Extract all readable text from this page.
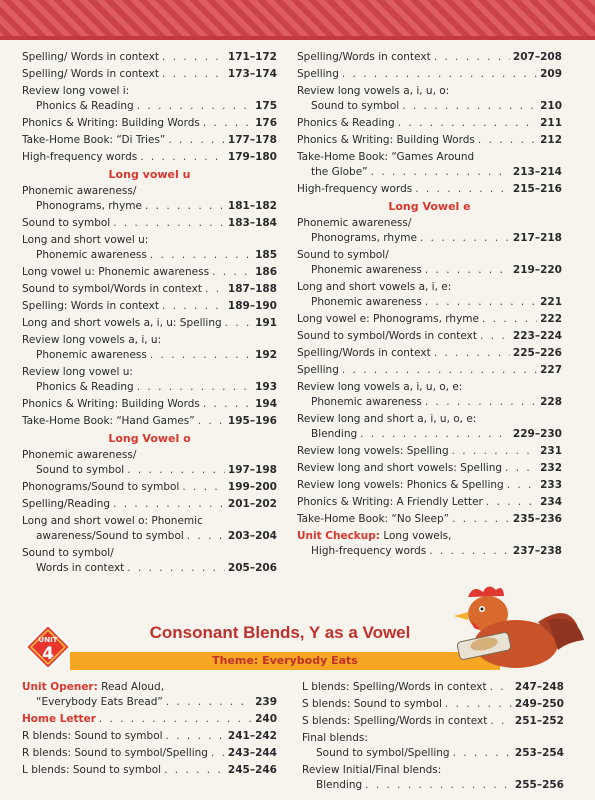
Spelling/ Words in context . . .	171–172
Spelling/ Words in context . . .	173–174
Review long vowel i:
Phonics & Reading . . .	175
Phonics & Writing: Building Words . . .	176
Take-Home Book: “Di Tries” . . .	177–178
High-frequency words . . .	179–180
Long vowel u
Phonemic awareness/
Phonograms, rhyme . . .	181–182
Sound to symbol . . .	183–184
Long and short vowel u:
Phonemic awareness . . .	185
Long vowel u: Phonemic awareness . . .	186
Sound to symbol/Words in context . . . 187–188
Spelling: Words in context . . .	189–190
Long and short vowels a, i, u: Spelling . . .	191
Review long vowels a, i, u:
Phonemic awareness . . .	192
Review long vowel u:
Phonics & Reading . . .	193
Phonics & Writing: Building Words . . .	194
Take-Home Book: “Hand Games” . . .	195–196
Long Vowel o
Phonemic awareness/
Sound to symbol . . .	197–198
Phonograms/Sound to symbol . . .	199–200
Spelling/Reading . . .	201–202
Long and short vowel o: Phonemic
awareness/Sound to symbol . . .	203–204
Sound to symbol/
Words in context . . .	205–206
Spelling/Words in context . . .	207–208
Spelling . . .	209
Review long vowels a, i, u, o:
Sound to symbol . . .	210
Phonics & Reading . . .	211
Phonics & Writing: Building Words . . .	212
Take-Home Book: “Games Around
the Globe” . . .	213–214
High-frequency words . . .	215–216
Long Vowel e
Phonemic awareness/
Phonograms, rhyme . . .	217–218
Sound to symbol/
Phonemic awareness . . .	219–220
Long and short vowels a, i, e:
Phonemic awareness . . .	221
Long vowel e: Phonograms, rhyme . . .	222
Sound to symbol/Words in context . . .	223–224
Spelling/Words in context . . .	225–226
Spelling . . .	227
Review long vowels a, i, u, o, e:
Phonemic awareness . . .	228
Review long and short a, i, u, o, e:
Blending . . .	229–230
Review long vowels: Spelling . . .	231
Review long and short vowels: Spelling . . .	232
Review long vowels: Phonics & Spelling . . .	233
Phonics & Writing: A Friendly Letter . . .	234
Take-Home Book: “No Sleep” . . .	235–236
Unit Checkup: Long vowels,
High-frequency words . . .	237–238
UNIT
4
Consonant Blends, Y as a Vowel
Theme: Everybody Eats
Unit Opener: Read Aloud,
“Everybody Eats Bread” . . .	239
Home Letter . . .	240
R blends: Sound to symbol . . .	241–242
R blends: Sound to symbol/Spelling . . . 243–244
L blends: Sound to symbol . . .	245–246
L blends: Spelling/Words in context . . .	247–248
S blends: Sound to symbol . . .	249–250
S blends: Spelling/Words in context . . .	251–252
Final blends:
Sound to symbol/Spelling . . .	253–254
Review Initial/Final blends:
Blending . . .	255–256
